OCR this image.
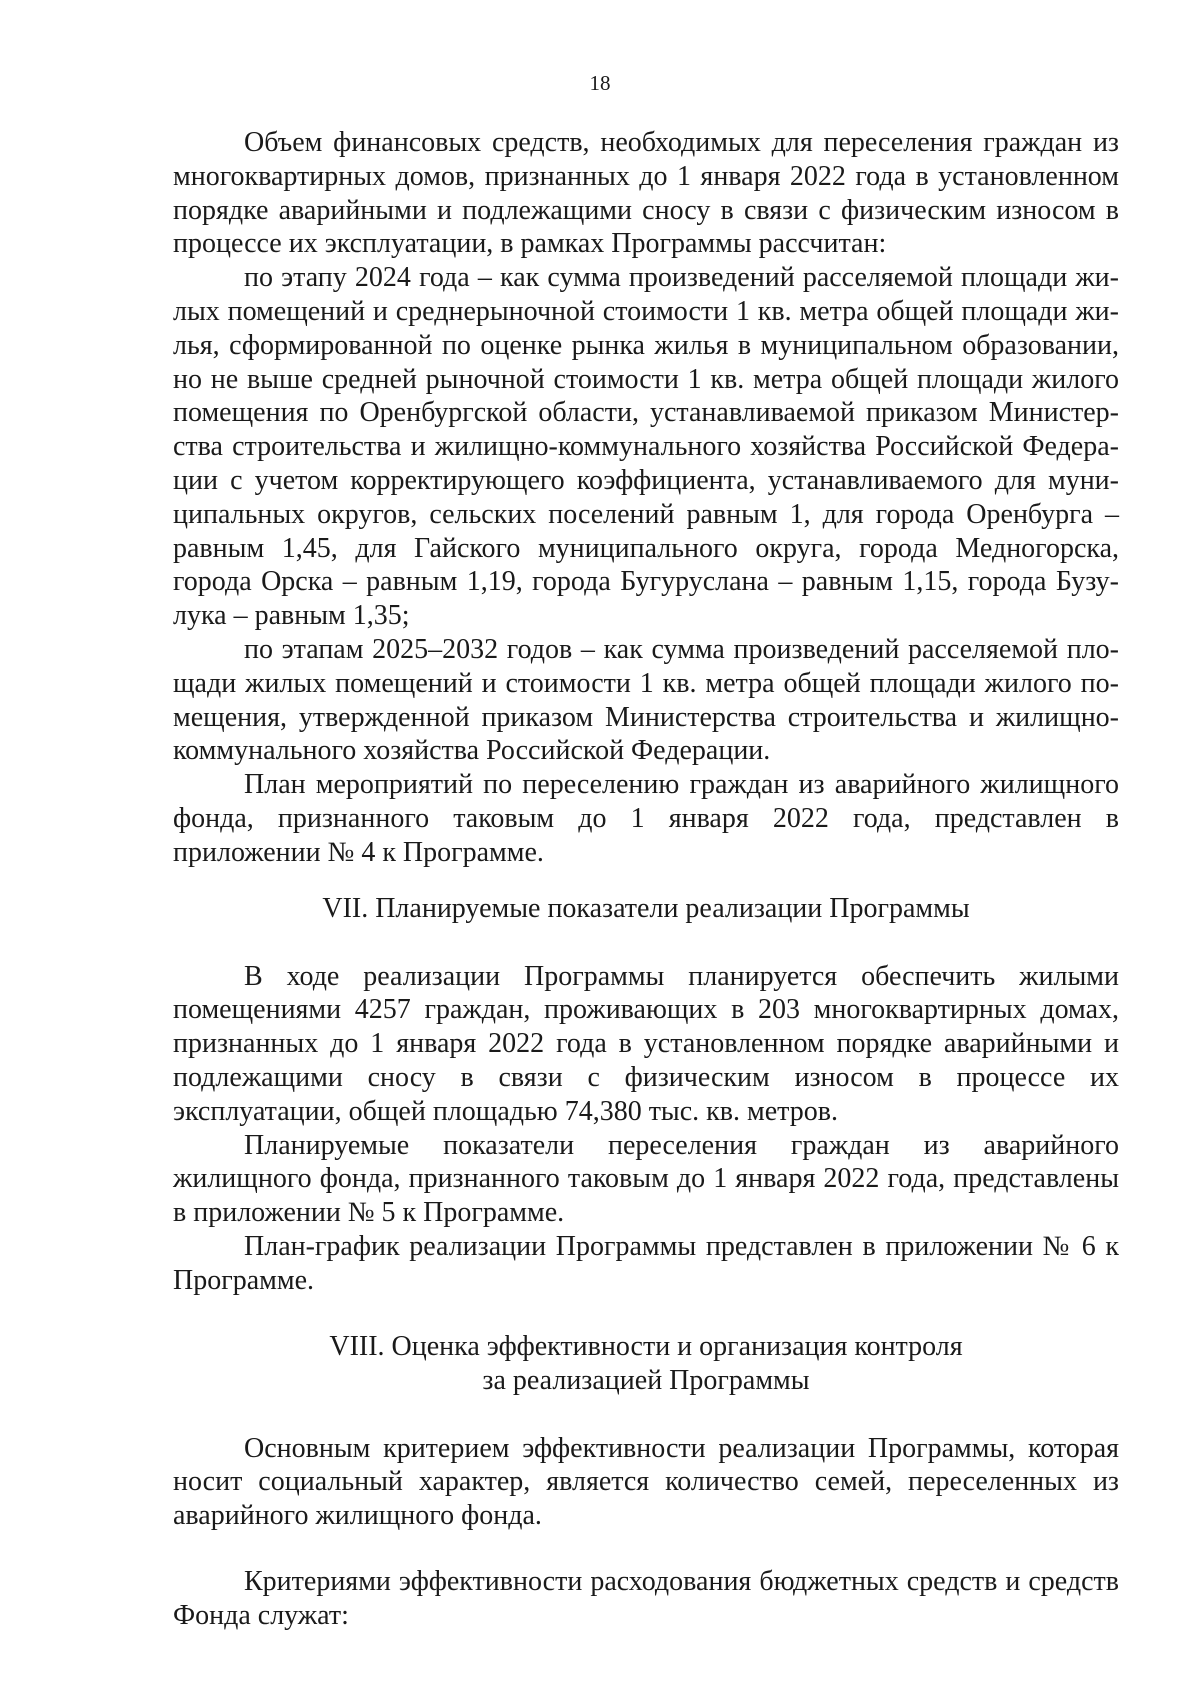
18

Объем финансовых средств, необходимых для переселения граждан из многоквартирных домов, признанных до 1 января 2022 года в установленном порядке аварийными и подлежащими сносу в связи с физическим износом в процессе их эксплуатации, в рамках Программы рассчитан:

по этапу 2024 года – как сумма произведений расселяемой площади жилых помещений и среднерыночной стоимости 1 кв. метра общей площади жилья, сформированной по оценке рынка жилья в муниципальном образовании, но не выше средней рыночной стоимости 1 кв. метра общей площади жилого помещения по Оренбургской области, устанавливаемой приказом Министерства строительства и жилищно-коммунального хозяйства Российской Федерации с учетом корректирующего коэффициента, устанавливаемого для муниципальных округов, сельских поселений равным 1, для города Оренбурга – равным 1,45, для Гайского муниципального округа, города Медногорска, города Орска – равным 1,19, города Бугуруслана – равным 1,15, города Бузулука – равным 1,35;

по этапам 2025–2032 годов – как сумма произведений расселяемой площади жилых помещений и стоимости 1 кв. метра общей площади жилого помещения, утвержденной приказом Министерства строительства и жилищно-коммунального хозяйства Российской Федерации.

План мероприятий по переселению граждан из аварийного жилищного фонда, признанного таковым до 1 января 2022 года, представлен в приложении № 4 к Программе.

VII. Планируемые показатели реализации Программы

В ходе реализации Программы планируется обеспечить жилыми помещениями 4257 граждан, проживающих в 203 многоквартирных домах, признанных до 1 января 2022 года в установленном порядке аварийными и подлежащими сносу в связи с физическим износом в процессе их эксплуатации, общей площадью 74,380 тыс. кв. метров.

Планируемые показатели переселения граждан из аварийного жилищного фонда, признанного таковым до 1 января 2022 года, представлены в приложении № 5 к Программе.

План-график реализации Программы представлен в приложении № 6 к Программе.

VIII. Оценка эффективности и организация контроля
за реализацией Программы

Основным критерием эффективности реализации Программы, которая носит социальный характер, является количество семей, переселенных из аварийного жилищного фонда.

Критериями эффективности расходования бюджетных средств и средств Фонда служат:
